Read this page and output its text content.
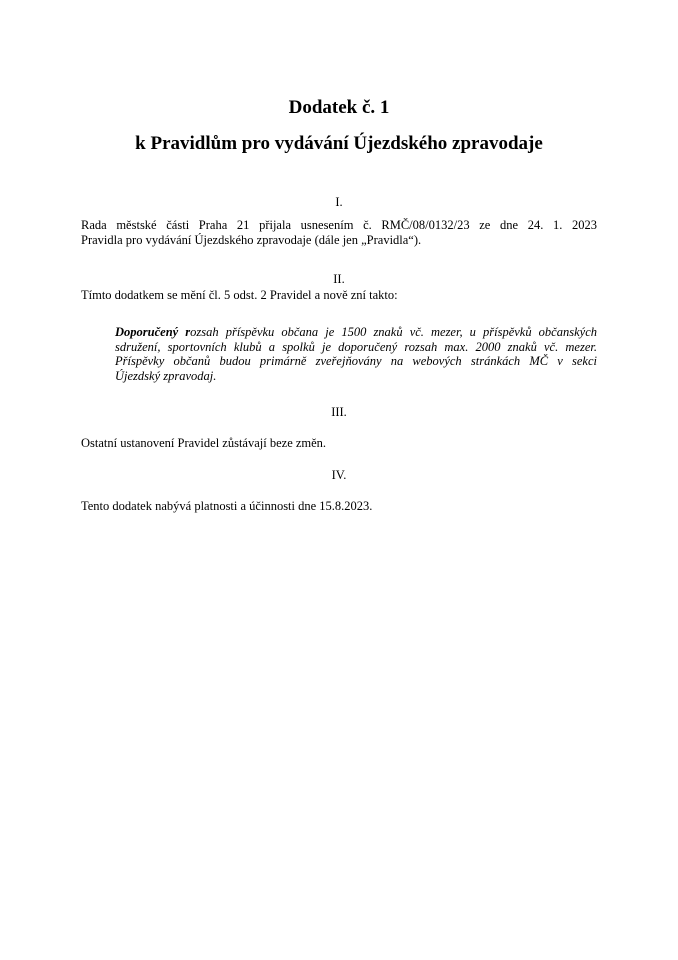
Dodatek č. 1
k Pravidlům pro vydávání Újezdského zpravodaje
I.
Rada městské části Praha 21 přijala usnesením č. RMČ/08/0132/23 ze dne 24. 1. 2023
Pravidla pro vydávání Újezdského zpravodaje (dále jen „Pravidla“).
II.
Tímto dodatkem se mění čl. 5 odst. 2 Pravidel a nově zní takto:
Doporučený rozsah příspěvku občana je 1500 znaků vč. mezer, u příspěvků občanských
sdružení, sportovních klubů a spolků je doporučený rozsah max. 2000 znaků vč. mezer.
Příspěvky občanů budou primárně zveřejňovány na webových stránkách MČ v sekci
Újezdský zpravodaj.
III.
Ostatní ustanovení Pravidel zůstávají beze změn.
IV.
Tento dodatek nabývá platnosti a účinnosti dne 15.8.2023.
